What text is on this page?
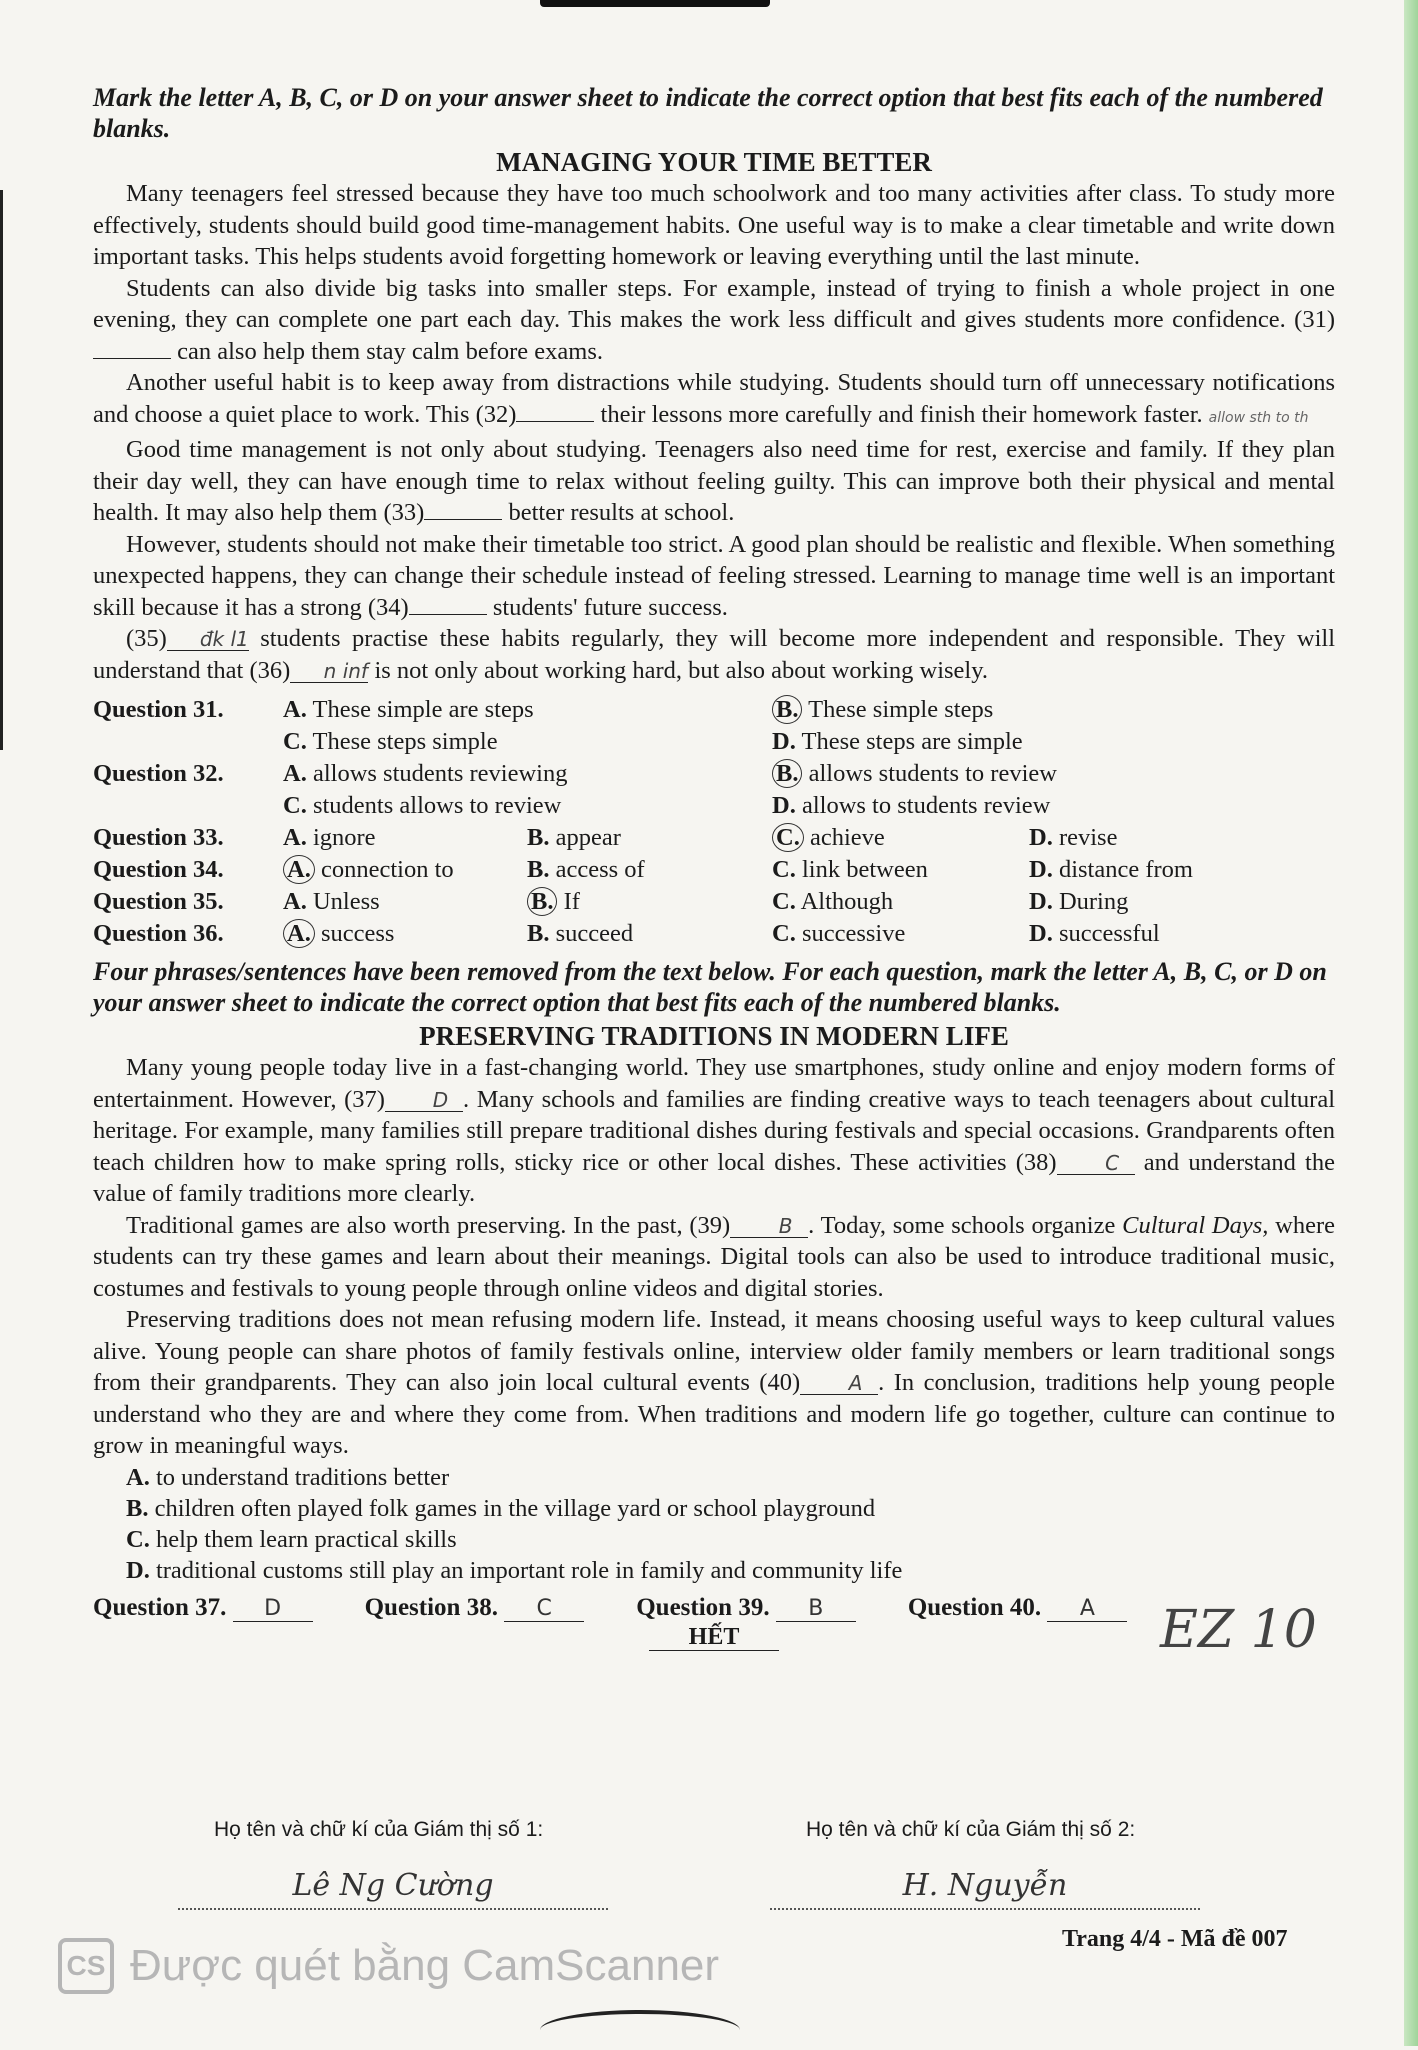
Mark the letter A, B, C, or D on your answer sheet to indicate the correct option that best fits each of the numbered blanks.

MANAGING YOUR TIME BETTER

Many teenagers feel stressed because they have too much schoolwork and too many activities after class. To study more effectively, students should build good time-management habits. One useful way is to make a clear timetable and write down important tasks. This helps students avoid forgetting homework or leaving everything until the last minute.

Students can also divide big tasks into smaller steps. For example, instead of trying to finish a whole project in one evening, they can complete one part each day. This makes the work less difficult and gives students more confidence. (31) can also help them stay calm before exams.

Another useful habit is to keep away from distractions while studying. Students should turn off unnecessary notifications and choose a quiet place to work. This (32)	their lessons more carefully and finish their homework faster. allow sth to th

Good time management is not only about studying. Teenagers also need time for rest, exercise and family. If they plan their day well, they can have enough time to relax without feeling guilty. This can improve both their physical and mental health. It may also help them (33)	better results at school.

However, students should not make their timetable too strict. A good plan should be realistic and flexible. When something unexpected happens, they can change their schedule instead of feeling stressed. Learning to manage time well is an important skill because it has a strong (34)	students' future success.

(35) đk l1 students practise these habits regularly, they will become more independent and responsible. They will understand that (36) n inf is not only about working hard, but also about working wisely.

Question 31.	A. These simple are steps		B. These simple steps	
	C. These steps simple		D. These steps are simple	
Question 32.	A. allows students reviewing		B. allows students to review	
	C. students allows to review		D. allows to students review	
Question 33.	A. ignore	B. appear	C. achieve	D. revise
Question 34.	A. connection to	B. access of	C. link between	D. distance from
Question 35.	A. Unless	B. If	C. Although	D. During
Question 36.	A. success	B. succeed	C. successive	D. successful

Four phrases/sentences have been removed from the text below. For each question, mark the letter A, B, C, or D on your answer sheet to indicate the correct option that best fits each of the numbered blanks.

PRESERVING TRADITIONS IN MODERN LIFE

Many young people today live in a fast-changing world. They use smartphones, study online and enjoy modern forms of entertainment. However, (37) D . Many schools and families are finding creative ways to teach teenagers about cultural heritage. For example, many families still prepare traditional dishes during festivals and special occasions. Grandparents often teach children how to make spring rolls, sticky rice or other local dishes. These activities (38) C and understand the value of family traditions more clearly.

Traditional games are also worth preserving. In the past, (39) B . Today, some schools organize Cultural Days, where students can try these games and learn about their meanings. Digital tools can also be used to introduce traditional music, costumes and festivals to young people through online videos and digital stories.

Preserving traditions does not mean refusing modern life. Instead, it means choosing useful ways to keep cultural values alive. Young people can share photos of family festivals online, interview older family members or learn traditional songs from their grandparents. They can also join local cultural events (40) A . In conclusion, traditions help young people understand who they are and where they come from. When traditions and modern life go together, culture can continue to grow in meaningful ways.

A. to understand traditions better

B. children often played folk games in the village yard or school playground

C. help them learn practical skills

D. traditional customs still play an important role in family and community life

Question 37. D	Question 38. C	Question 39. B	Question 40. A
HẾT	EZ 10
Họ tên và chữ kí của Giám thị số 1:	Họ tên và chữ kí của Giám thị số 2:
Lê Ng Cường	H. Nguyễn
Trang 4/4 - Mã đề 007
CS Được quét bằng CamScanner
